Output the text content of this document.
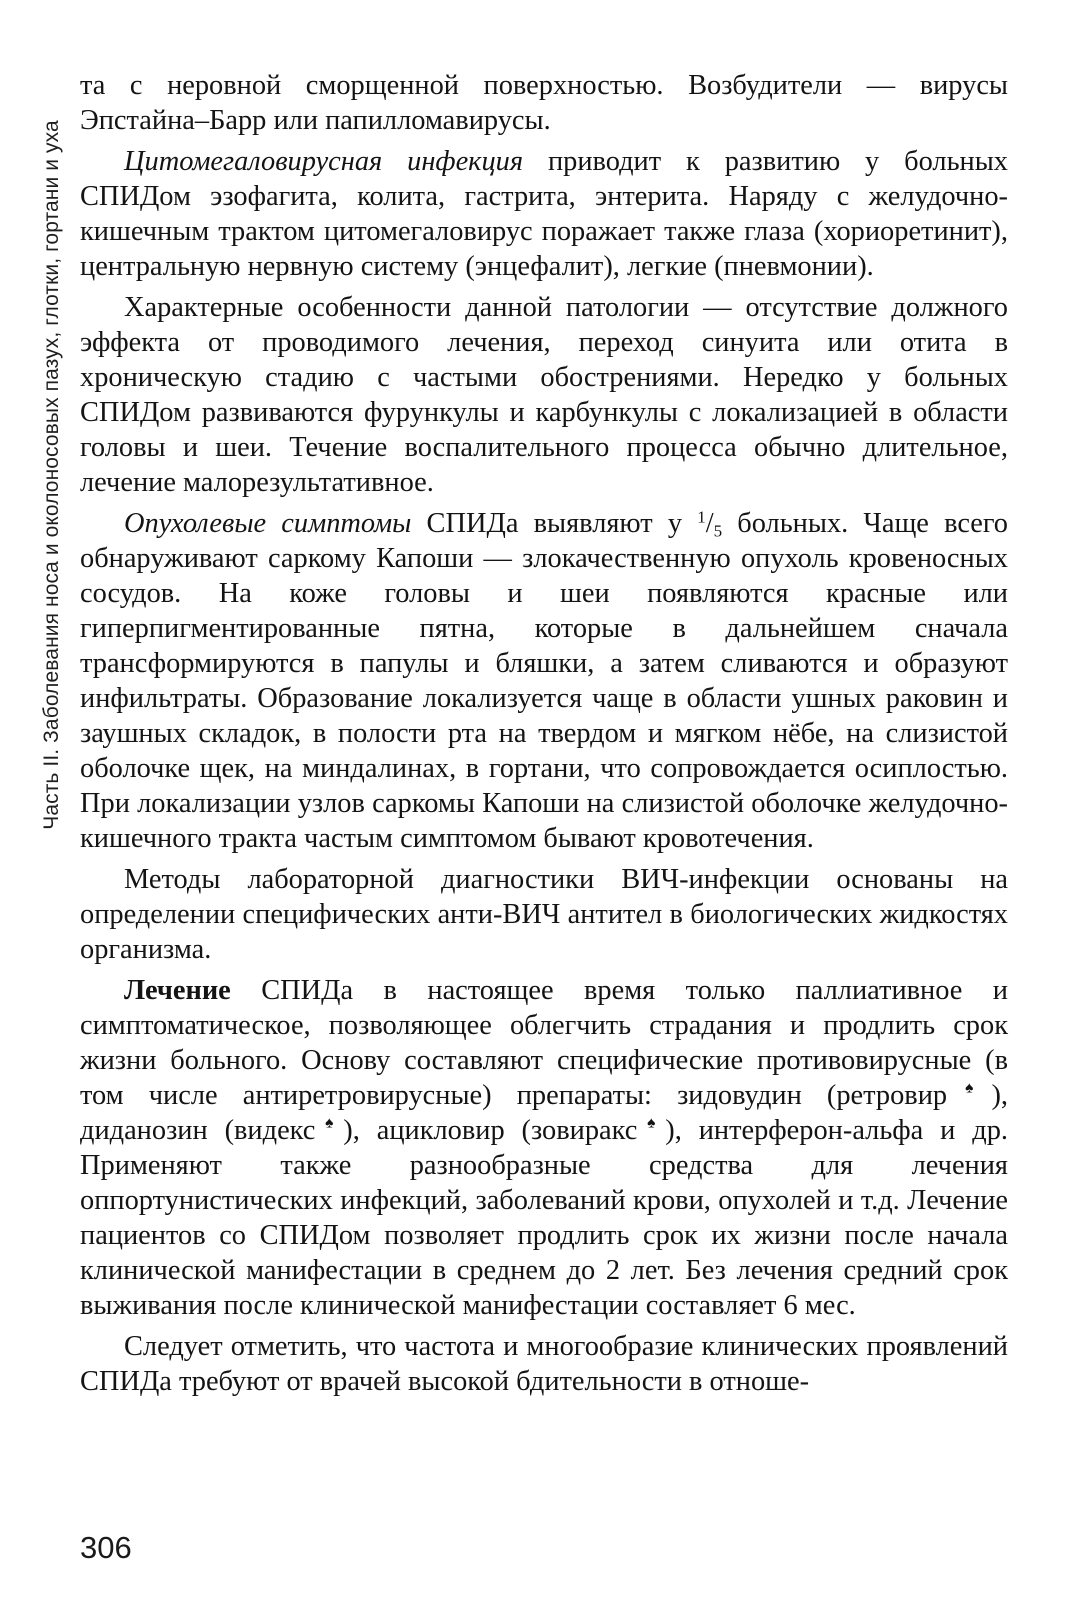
Часть II. Заболевания носа и околоносовых пазух, глотки, гортани и уха

та с неровной сморщенной поверхностью. Возбудители — вирусы Эпстайна–Барр или папилломавирусы.

Цитомегаловирусная инфекция приводит к развитию у больных СПИДом эзофагита, колита, гастрита, энтерита. Наряду с желудочно-кишечным трактом цитомегаловирус поражает также глаза (хориоретинит), центральную нервную систему (энцефалит), легкие (пневмонии).

Характерные особенности данной патологии — отсутствие должного эффекта от проводимого лечения, переход синуита или отита в хроническую стадию с частыми обострениями. Нередко у больных СПИДом развиваются фурункулы и карбункулы с локализацией в области головы и шеи. Течение воспалительного процесса обычно длительное, лечение малорезультативное.

Опухолевые симптомы СПИДа выявляют у $^1/_5$ больных. Чаще всего обнаруживают саркому Капоши — злокачественную опухоль кровеносных сосудов. На коже головы и шеи появляются красные или гиперпигментированные пятна, которые в дальнейшем сначала трансформируются в папулы и бляшки, а затем сливаются и образуют инфильтраты. Образование локализуется чаще в области ушных раковин и заушных складок, в полости рта на твердом и мягком нёбе, на слизистой оболочке щек, на миндалинах, в гортани, что сопровождается осиплостью. При локализации узлов саркомы Капоши на слизистой оболочке желудочно-кишечного тракта частым симптомом бывают кровотечения.

Методы лабораторной диагностики ВИЧ-инфекции основаны на определении специфических анти-ВИЧ антител в биологических жидкостях организма.

Лечение СПИДа в настоящее время только паллиативное и симптоматическое, позволяющее облегчить страдания и продлить срок жизни больного. Основу составляют специфические противовирусные (в том числе антиретровирусные) препараты: зидовудин (ретровир♠), диданозин (видекс♠), ацикловир (зовиракс♠), интерферон-альфа и др. Применяют также разнообразные средства для лечения оппортунистических инфекций, заболеваний крови, опухолей и т.д. Лечение пациентов со СПИДом позволяет продлить срок их жизни после начала клинической манифестации в среднем до 2 лет. Без лечения средний срок выживания после клинической манифестации составляет 6 мес.

Следует отметить, что частота и многообразие клинических проявлений СПИДа требуют от врачей высокой бдительности в отноше-

306
